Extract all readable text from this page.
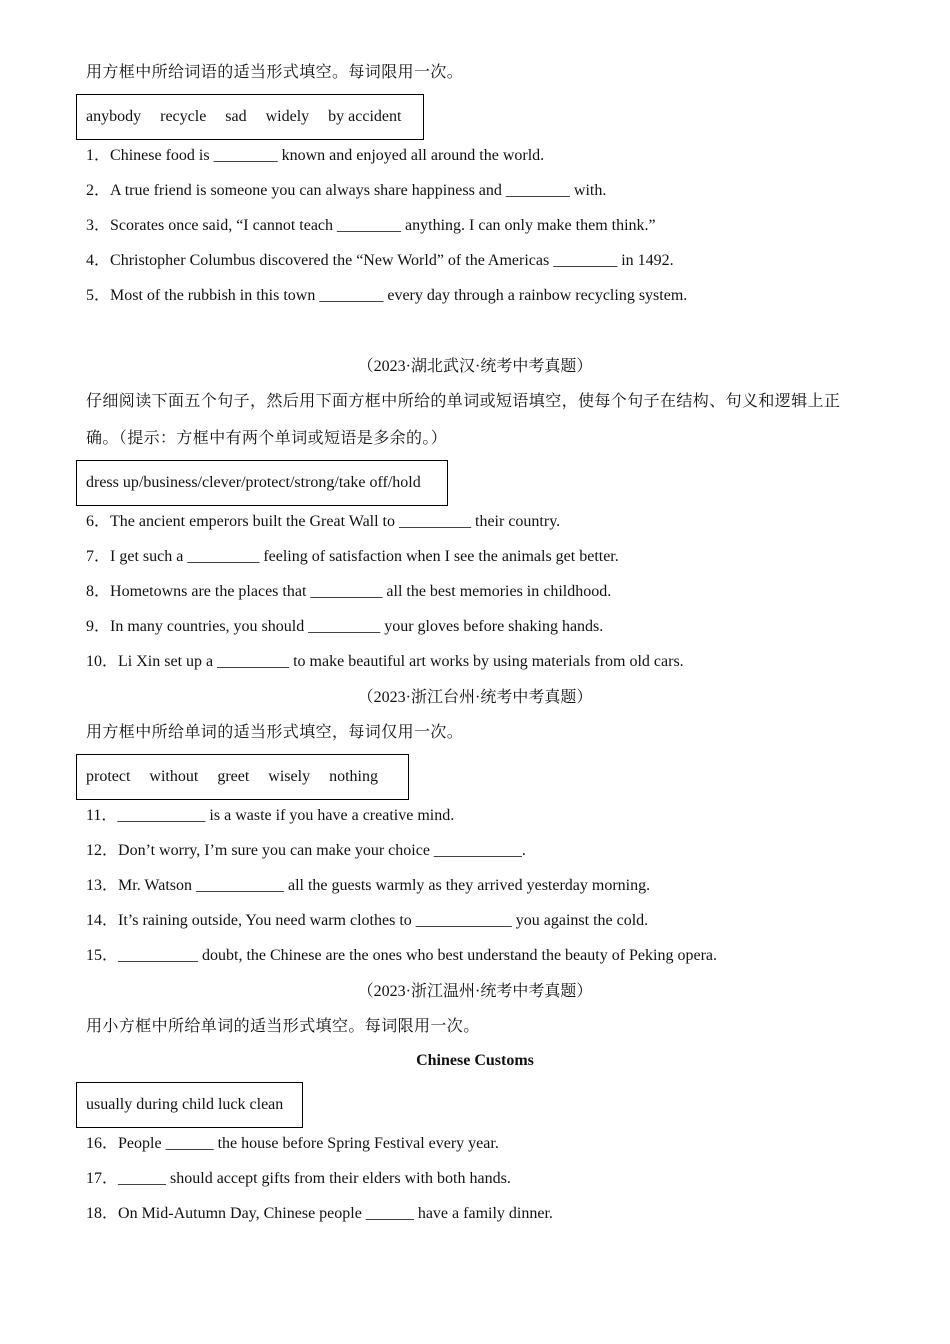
用方框中所给词语的适当形式填空。每词限用一次。
anybody recycle sad widely by accident
1．Chinese food is ________ known and enjoyed all around the world.
2．A true friend is someone you can always share happiness and ________ with.
3．Scorates once said, “I cannot teach ________ anything. I can only make them think.”
4．Christopher Columbus discovered the “New World” of the Americas ________ in 1492.
5．Most of the rubbish in this town ________ every day through a rainbow recycling system.
（2023·湖北武汉·统考中考真题）
仔细阅读下面五个句子，然后用下面方框中所给的单词或短语填空，使每个句子在结构、句义和逻辑上正
确。（提示：方框中有两个单词或短语是多余的。）
dress up/business/clever/protect/strong/take off/hold
6．The ancient emperors built the Great Wall to _________ their country.
7．I get such a _________ feeling of satisfaction when I see the animals get better.
8．Hometowns are the places that _________ all the best memories in childhood.
9．In many countries, you should _________ your gloves before shaking hands.
10．Li Xin set up a _________ to make beautiful art works by using materials from old cars.
（2023·浙江台州·统考中考真题）
用方框中所给单词的适当形式填空，每词仅用一次。
protect without greet wisely nothing
11．___________ is a waste if you have a creative mind.
12．Don’t worry, I’m sure you can make your choice ___________.
13．Mr. Watson ___________ all the guests warmly as they arrived yesterday morning.
14．It’s raining outside, You need warm clothes to ____________ you against the cold.
15．__________ doubt, the Chinese are the ones who best understand the beauty of Peking opera.
（2023·浙江温州·统考中考真题）
用小方框中所给单词的适当形式填空。每词限用一次。
Chinese Customs
usually during child luck clean
16．People ______ the house before Spring Festival every year.
17．______ should accept gifts from their elders with both hands.
18．On Mid-Autumn Day, Chinese people ______ have a family dinner.
